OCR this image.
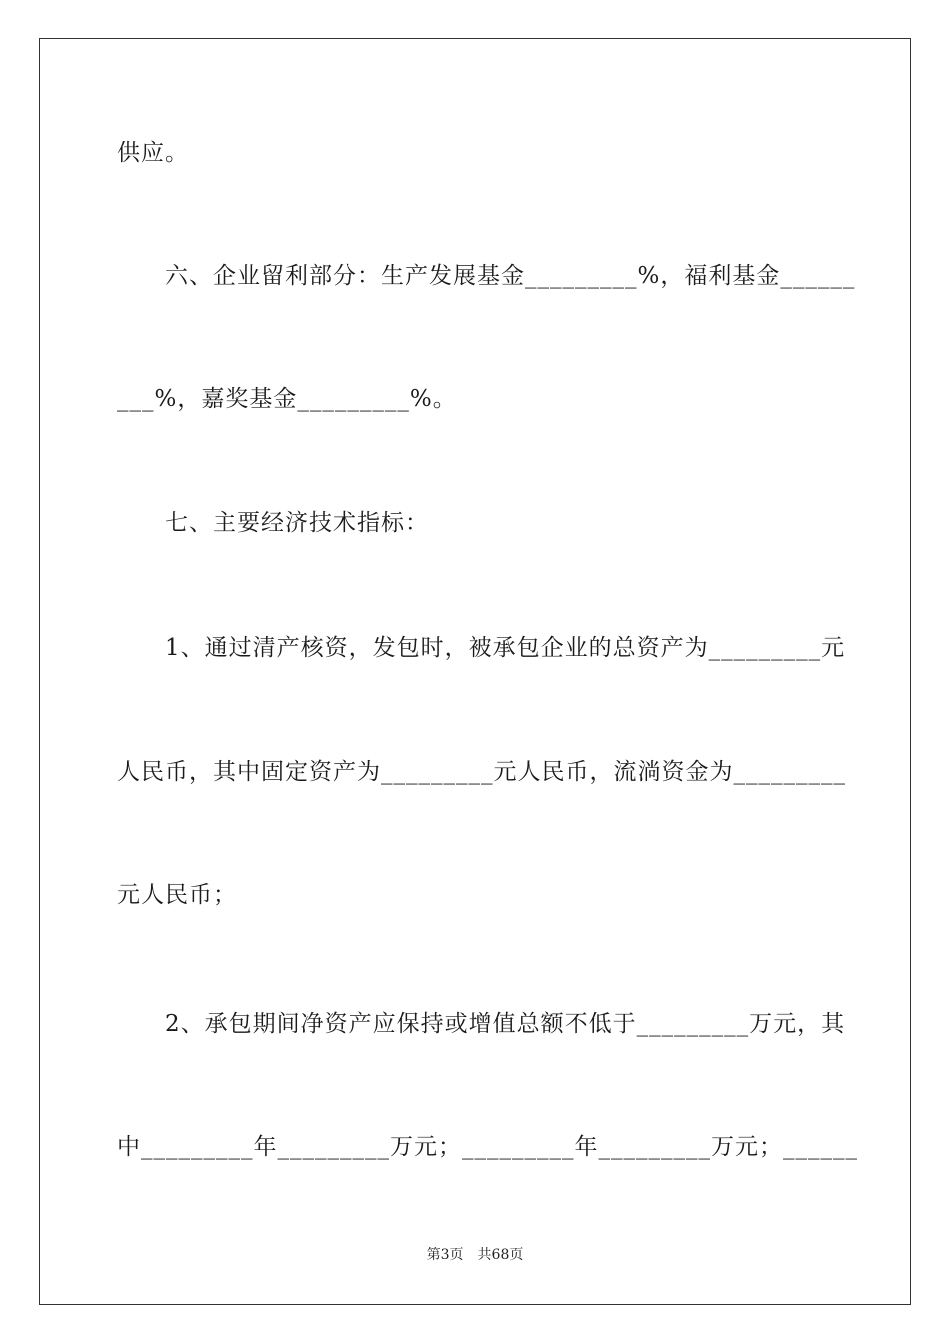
供应。
　　六、企业留利部分：生产发展基金_________%，福利基金______
___%，嘉奖基金_________%。
　　七、主要经济技术指标：
　　1、通过清产核资，发包时，被承包企业的总资产为_________元
人民币，其中固定资产为_________元人民币，流淌资金为_________
元人民币；
　　2、承包期间净资产应保持或增值总额不低于_________万元，其
中_________年_________万元；_________年_________万元；______
第3页　共68页
